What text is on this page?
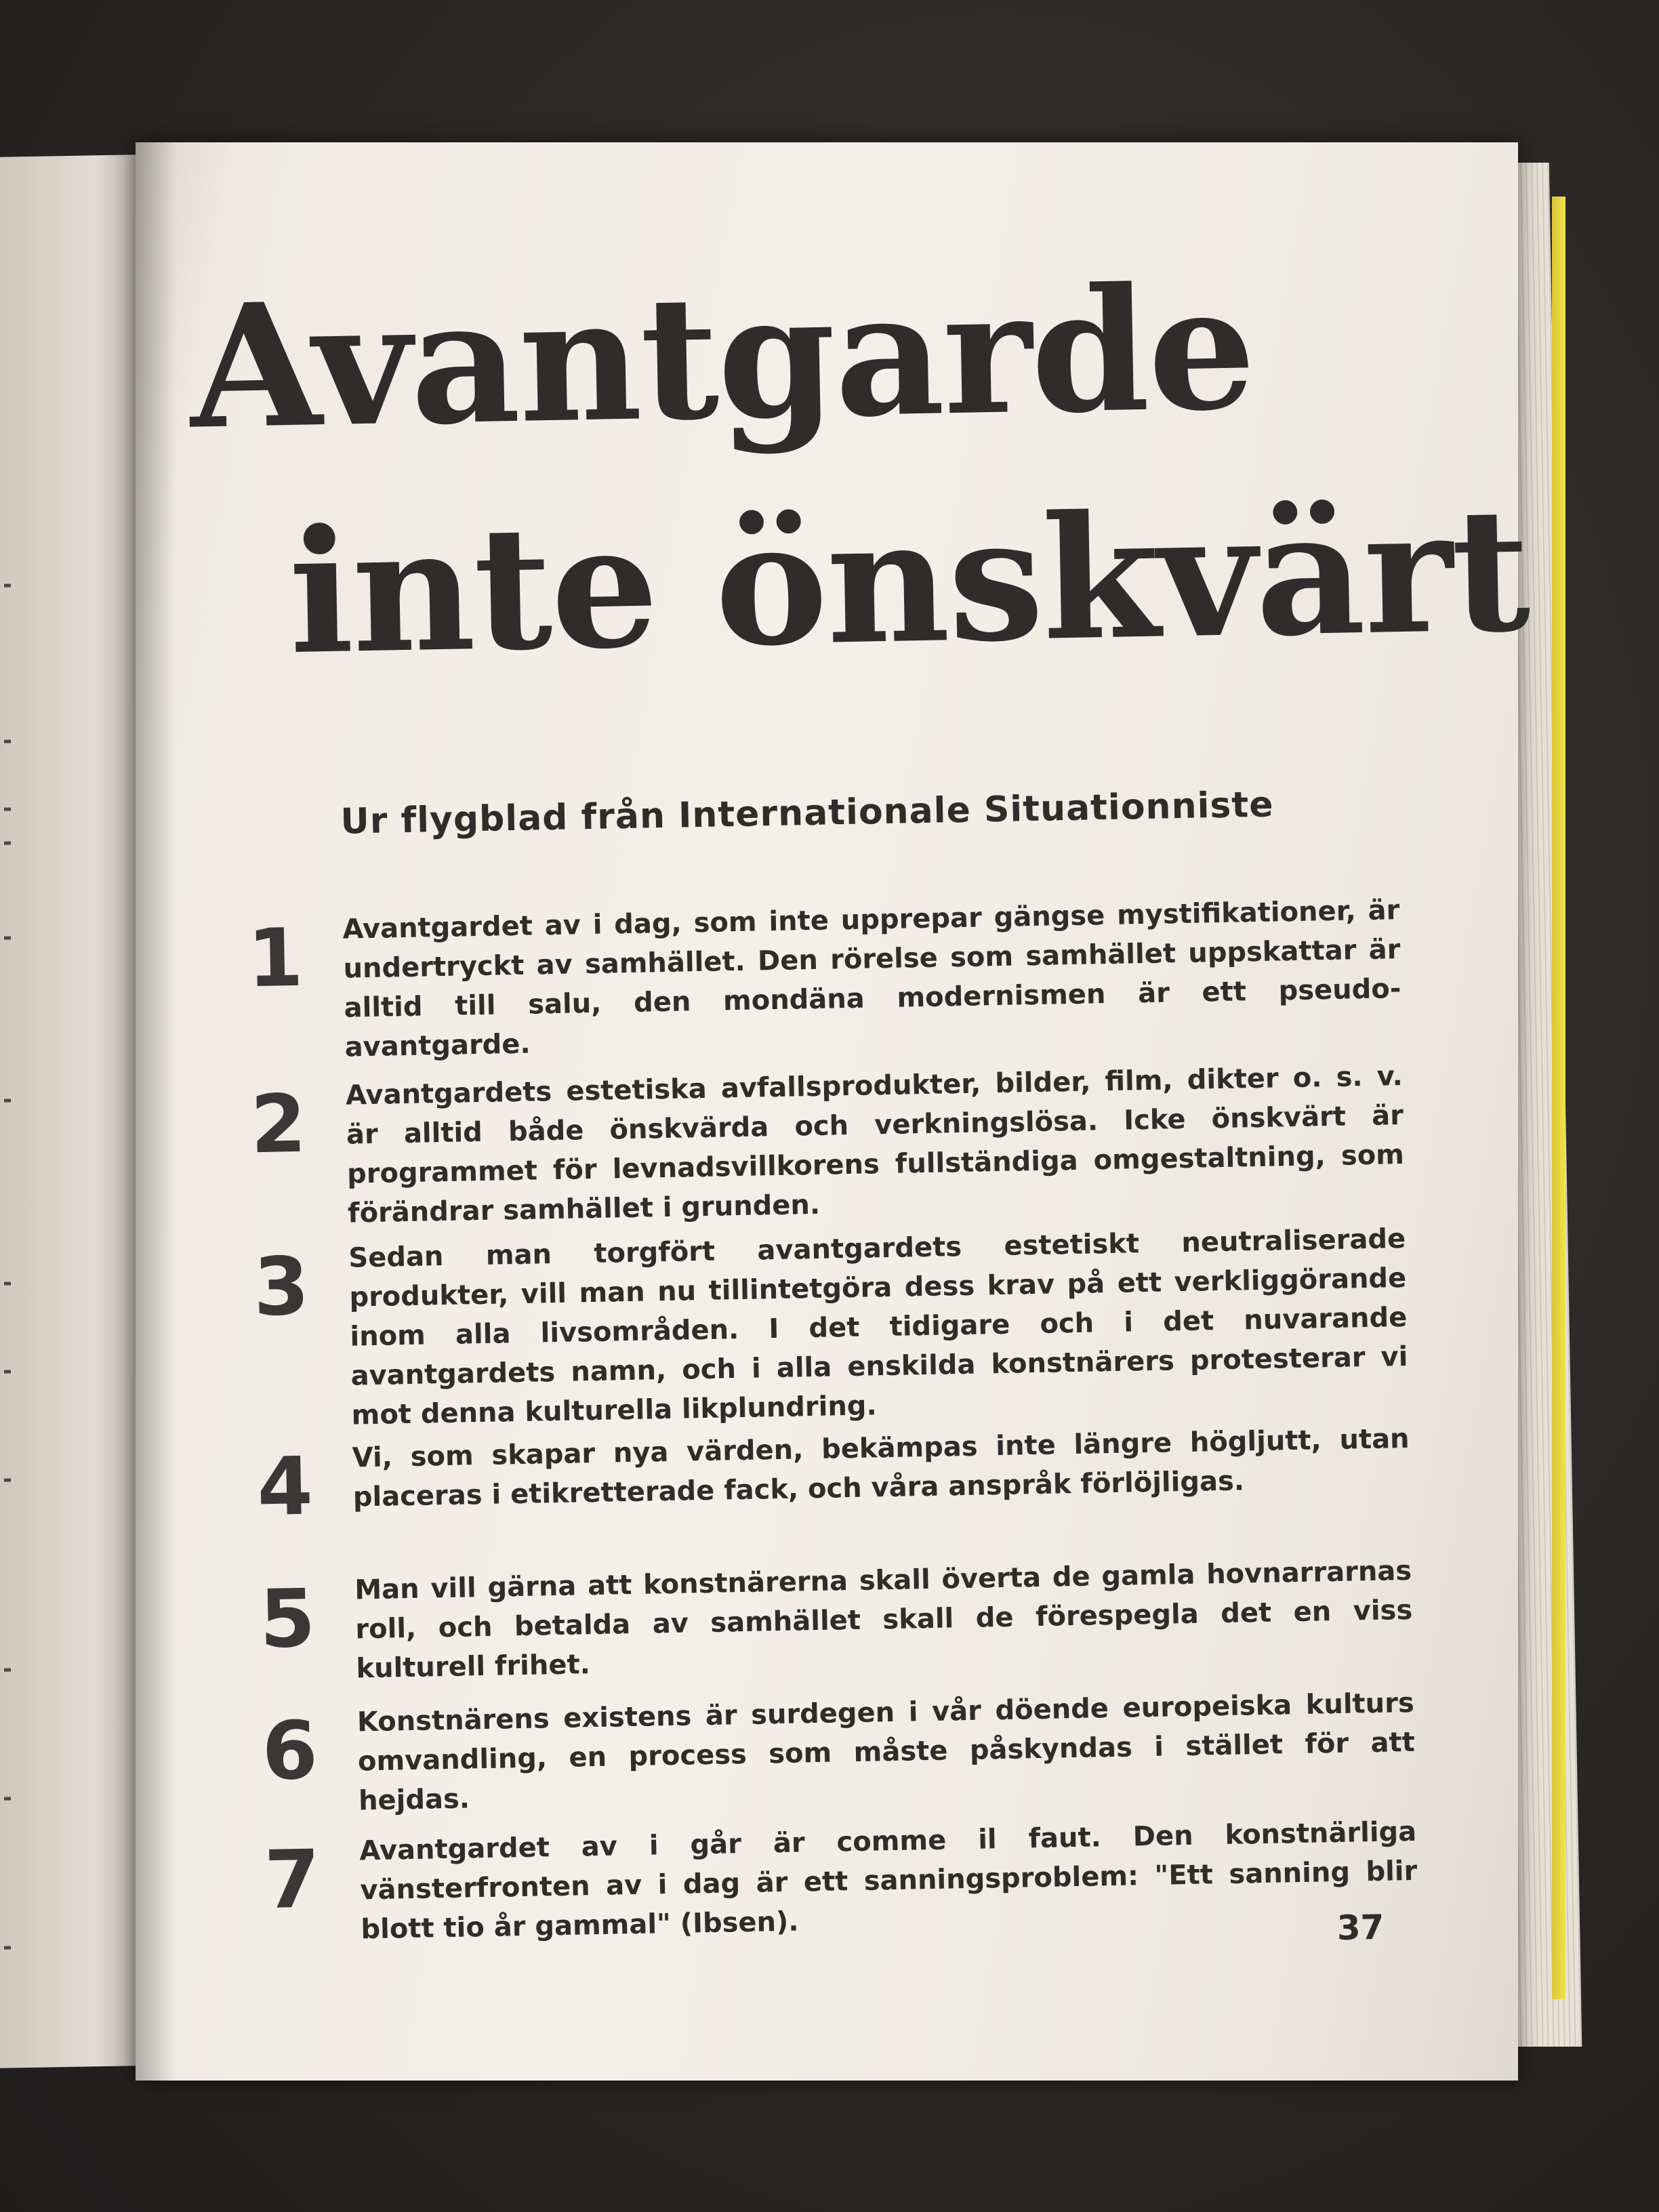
Avantgarde
inte önskvärt
Ur flygblad från Internationale Situationniste
1	Avantgardet av i dag, som inte upprepar gängse mystifikationer, är undertryckt av samhället. Den rörelse som samhället uppskattar är alltid till salu, den mondäna modernismen är ett pseudo-avantgarde.
2	Avantgardets estetiska avfallsprodukter, bilder, film, dikter o. s. v. är alltid både önskvärda och verkningslösa. Icke önskvärt är programmet för levnadsvillkorens fullständiga omgestaltning, som förändrar samhället i grunden.
3	Sedan man torgfört avantgardets estetiskt neutraliserade produkter, vill man nu tillintetgöra dess krav på ett verkliggörande inom alla livsområden. I det tidigare och i det nuvarande avantgardets namn, och i alla enskilda konstnärers protesterar vi mot denna kulturella likplundring.
4	Vi, som skapar nya värden, bekämpas inte längre högljutt, utan placeras i etikretterade fack, och våra anspråk förlöjligas.
5	Man vill gärna att konstnärerna skall överta de gamla hovnarrarnas roll, och betalda av samhället skall de förespegla det en viss kulturell frihet.
6	Konstnärens existens är surdegen i vår döende europeiska kulturs omvandling, en process som måste påskyndas i stället för att hejdas.
7	Avantgardet av i går är comme il faut. Den konstnärliga vänsterfronten av i dag är ett sanningsproblem: "Ett sanning blir blott tio år gammal" (Ibsen).	37
